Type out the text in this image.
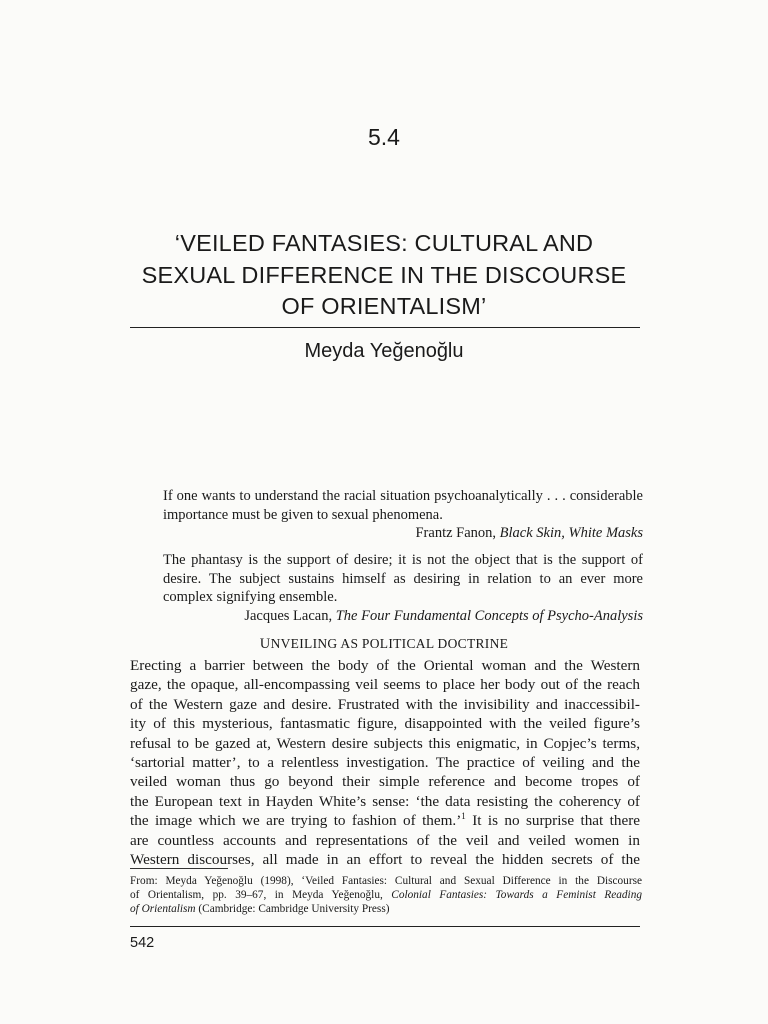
5.4
‘VEILED FANTASIES: CULTURAL AND
SEXUAL DIFFERENCE IN THE DISCOURSE
OF ORIENTALISM’
Meyda Yeğenoğlu

If one wants to understand the racial situation psychoanalytically . . . considerable importance must be given to sexual phenomena.

Frantz Fanon, Black Skin, White Masks

The phantasy is the support of desire; it is not the object that is the support of desire. The subject sustains himself as desiring in relation to an ever more complex signifying ensemble.

Jacques Lacan, The Four Fundamental Concepts of Psycho-Analysis

UNVEILING AS POLITICAL DOCTRINE
Erecting a barrier between the body of the Oriental woman and the Western
gaze, the opaque, all-encompassing veil seems to place her body out of the reach
of the Western gaze and desire. Frustrated with the invisibility and inaccessibil-
ity of this mysterious, fantasmatic figure, disappointed with the veiled figure’s
refusal to be gazed at, Western desire subjects this enigmatic, in Copjec’s terms,
‘sartorial matter’, to a relentless investigation. The practice of veiling and the
veiled woman thus go beyond their simple reference and become tropes of
the European text in Hayden White’s sense: ‘the data resisting the coherency of
the image which we are trying to fashion of them.’$^1$ It is no surprise that there
are countless accounts and representations of the veil and veiled women in
Western discourses, all made in an effort to reveal the hidden secrets of the
From: Meyda Yeğenoğlu (1998), ‘Veiled Fantasies: Cultural and Sexual Difference in the Discourse
of Orientalism, pp. 39–67, in Meyda Yeğenoğlu, Colonial Fantasies: Towards a Feminist Reading
of Orientalism (Cambridge: Cambridge University Press)
542
